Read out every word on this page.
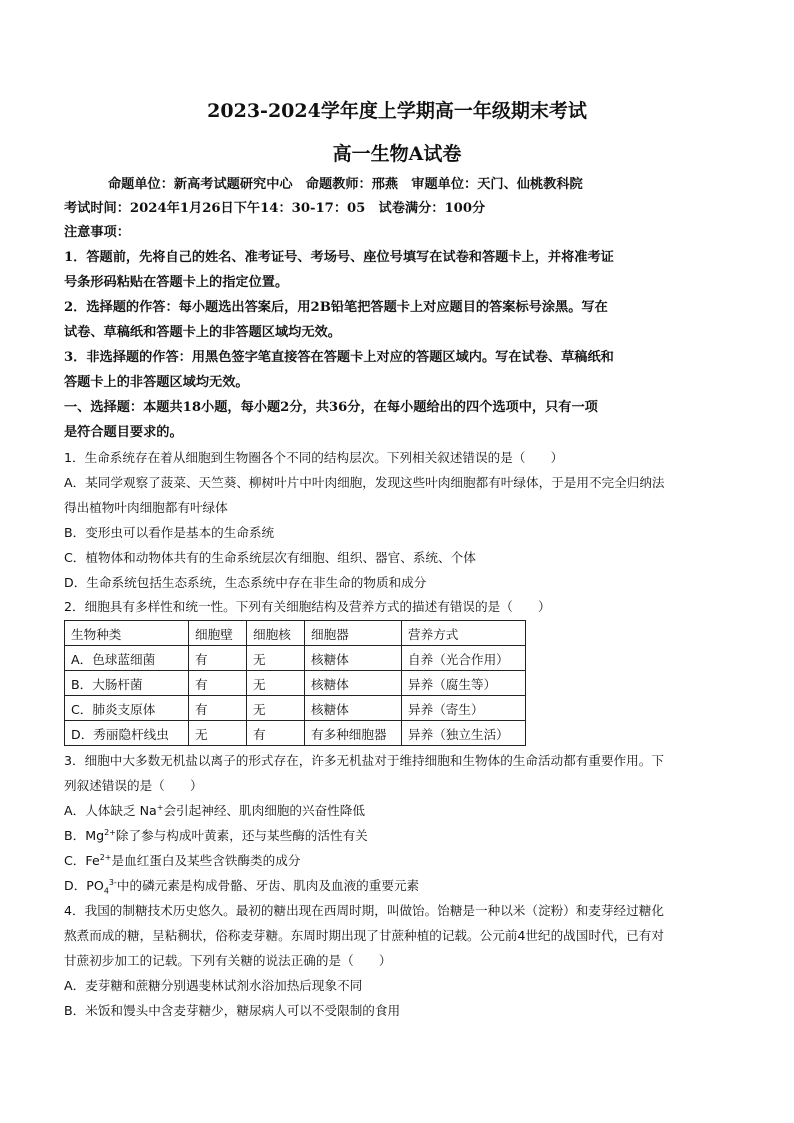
2023-2024学年度上学期高一年级期末考试
高一生物A试卷
命题单位：新高考试题研究中心　命题教师：邢燕　审题单位：天门、仙桃教科院
考试时间：2024年1月26日下午14：30-17：05　试卷满分：100分
注意事项：
1．答题前，先将自己的姓名、准考证号、考场号、座位号填写在试卷和答题卡上，并将准考证
号条形码粘贴在答题卡上的指定位置。
2．选择题的作答：每小题选出答案后，用2B铅笔把答题卡上对应题目的答案标号涂黑。写在
试卷、草稿纸和答题卡上的非答题区域均无效。
3．非选择题的作答：用黑色签字笔直接答在答题卡上对应的答题区域内。写在试卷、草稿纸和
答题卡上的非答题区域均无效。
一、选择题：本题共18小题，每小题2分，共36分，在每小题给出的四个选项中，只有一项
是符合题目要求的。
1．生命系统存在着从细胞到生物圈各个不同的结构层次。下列相关叙述错误的是（　　）
A．某同学观察了菠菜、天竺葵、柳树叶片中叶肉细胞，发现这些叶肉细胞都有叶绿体，于是用不完全归纳法
得出植物叶肉细胞都有叶绿体
B．变形虫可以看作是基本的生命系统
C．植物体和动物体共有的生命系统层次有细胞、组织、器官、系统、个体
D．生命系统包括生态系统，生态系统中存在非生命的物质和成分
2．细胞具有多样性和统一性。下列有关细胞结构及营养方式的描述有错误的是（　　）
生物种类	细胞壁	细胞核	细胞器	营养方式
A．色球蓝细菌	有	无	核糖体	自养（光合作用）
B．大肠杆菌	有	无	核糖体	异养（腐生等）
C．肺炎支原体	有	无	核糖体	异养（寄生）
D．秀丽隐杆线虫	无	有	有多种细胞器	异养（独立生活）
3．细胞中大多数无机盐以离子的形式存在，许多无机盐对于维持细胞和生物体的生命活动都有重要作用。下
列叙述错误的是（　　）
A．人体缺乏 Na+会引起神经、肌肉细胞的兴奋性降低
B．$Mg^{2+}$除了参与构成叶黄素，还与某些酶的活性有关
C．$Fe^{2+}$是血红蛋白及某些含铁酶类的成分
D．$PO_4^{3-}$中的磷元素是构成骨骼、牙齿、肌肉及血液的重要元素
4．我国的制糖技术历史悠久。最初的糖出现在西周时期，叫做饴。饴糖是一种以米（淀粉）和麦芽经过糖化
熬煮而成的糖，呈粘稠状，俗称麦芽糖。东周时期出现了甘蔗种植的记载。公元前4世纪的战国时代，已有对
甘蔗初步加工的记载。下列有关糖的说法正确的是（　　）
A．麦芽糖和蔗糖分别遇斐林试剂水浴加热后现象不同
B．米饭和馒头中含麦芽糖少，糖尿病人可以不受限制的食用
